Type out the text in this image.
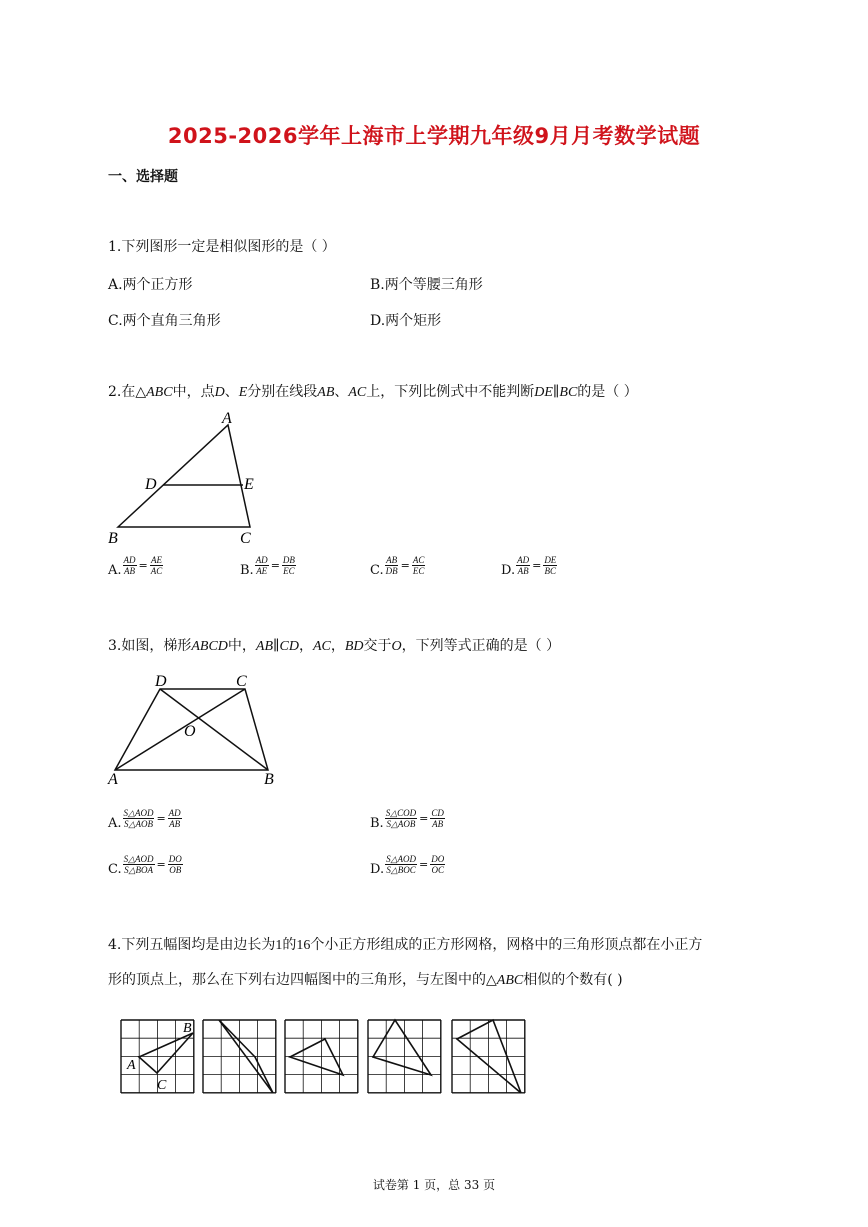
2025-2026学年上海市上学期九年级9月月考数学试题
一、选择题
1.下列图形一定是相似图形的是（ ）
A.两个正方形	B.两个等腰三角形
C.两个直角三角形	D.两个矩形
2.在△ABC中，点D、E分别在线段AB、AC上，下列比例式中不能判断DE∥BC的是（ ）
A
D	E
B	C
A. $\frac{AD}{AB} = \frac{AE}{AC}$	B. $\frac{AD}{AE} = \frac{DB}{EC}$	C. $\frac{AB}{DB} = \frac{AC}{EC}$	D. $\frac{AD}{AB} = \frac{DE}{BC}$
3.如图，梯形ABCD中，AB∥CD，AC，BD交于O，下列等式正确的是（ ）
D	C
O
A	B
A. $\frac{\text{S△AOD}}{\text{S△AOB}} = \frac{AD}{AB}$	B. $\frac{\text{S△COD}}{\text{S△AOB}} = \frac{CD}{AB}$
C. $\frac{\text{S△AOD}}{\text{S△BOA}} = \frac{DO}{OB}$	D. $\frac{\text{S△AOD}}{\text{S△BOC}} = \frac{DO}{OC}$
4.下列五幅图均是由边长为1的16个小正方形组成的正方形网格，网格中的三角形顶点都在小正方
形的顶点上，那么在下列右边四幅图中的三角形，与左图中的△ABC相似的个数有( )
A
B
C
试卷第 1 页，总 33 页
